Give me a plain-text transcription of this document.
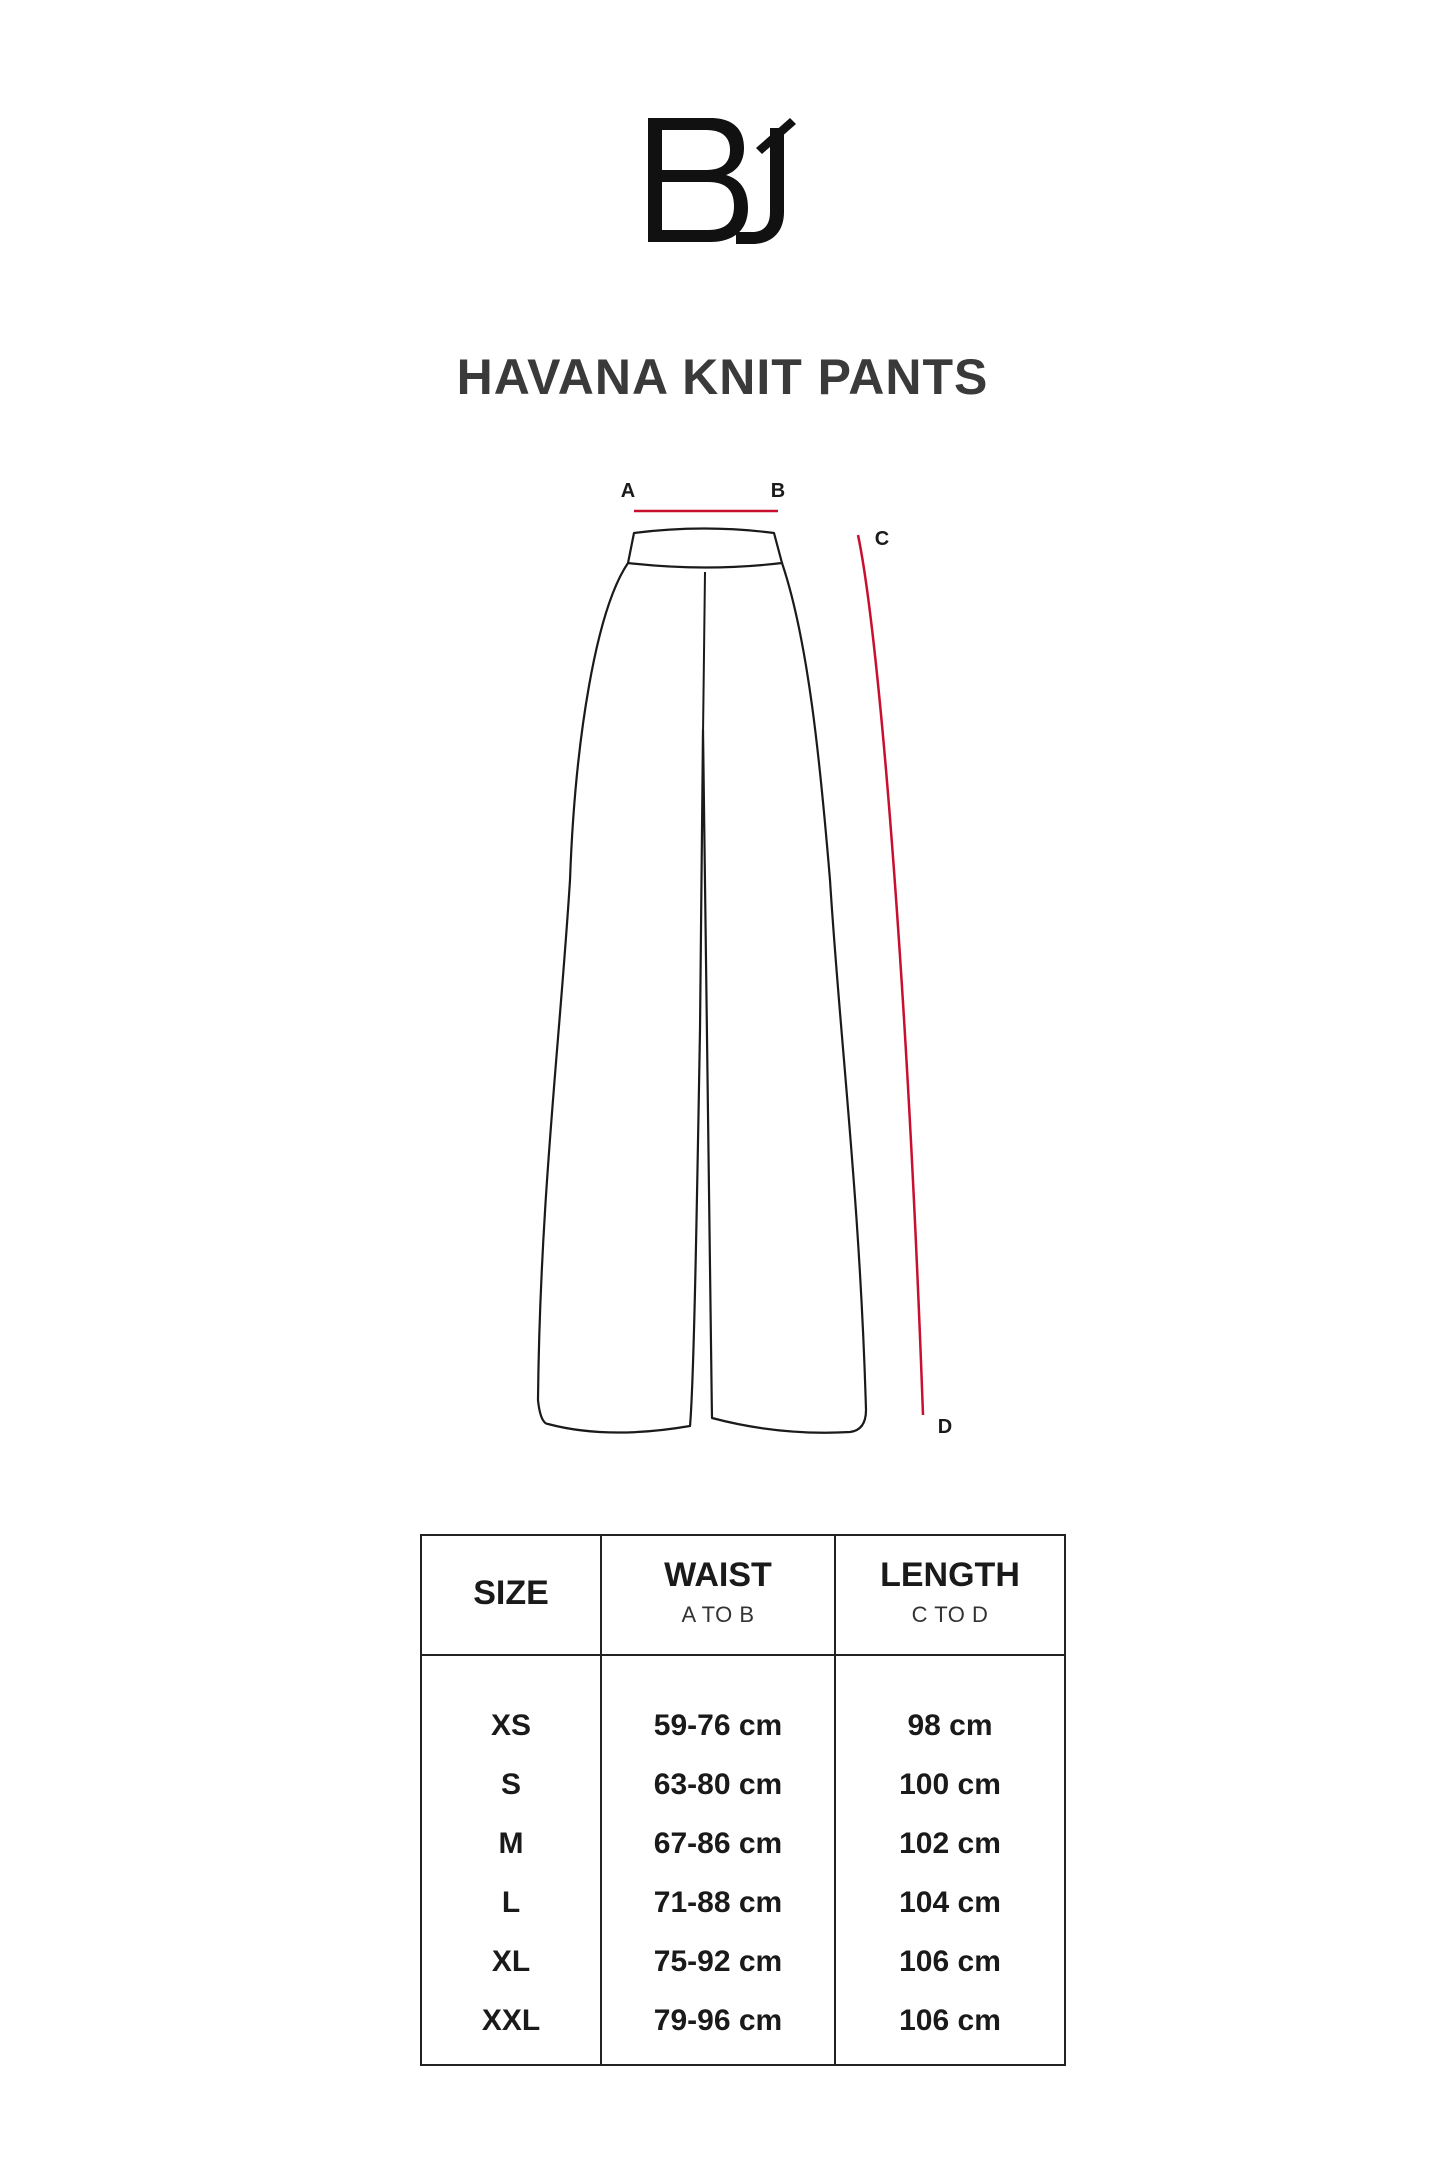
HAVANA KNIT PANTS
A	B
C
D
SIZE
XS
S
M
L
XL
XXL
WAIST
A TO B
59-76 cm
63-80 cm
67-86 cm
71-88 cm
75-92 cm
79-96 cm
LENGTH
C TO D
98 cm
100 cm
102 cm
104 cm
106 cm
106 cm
